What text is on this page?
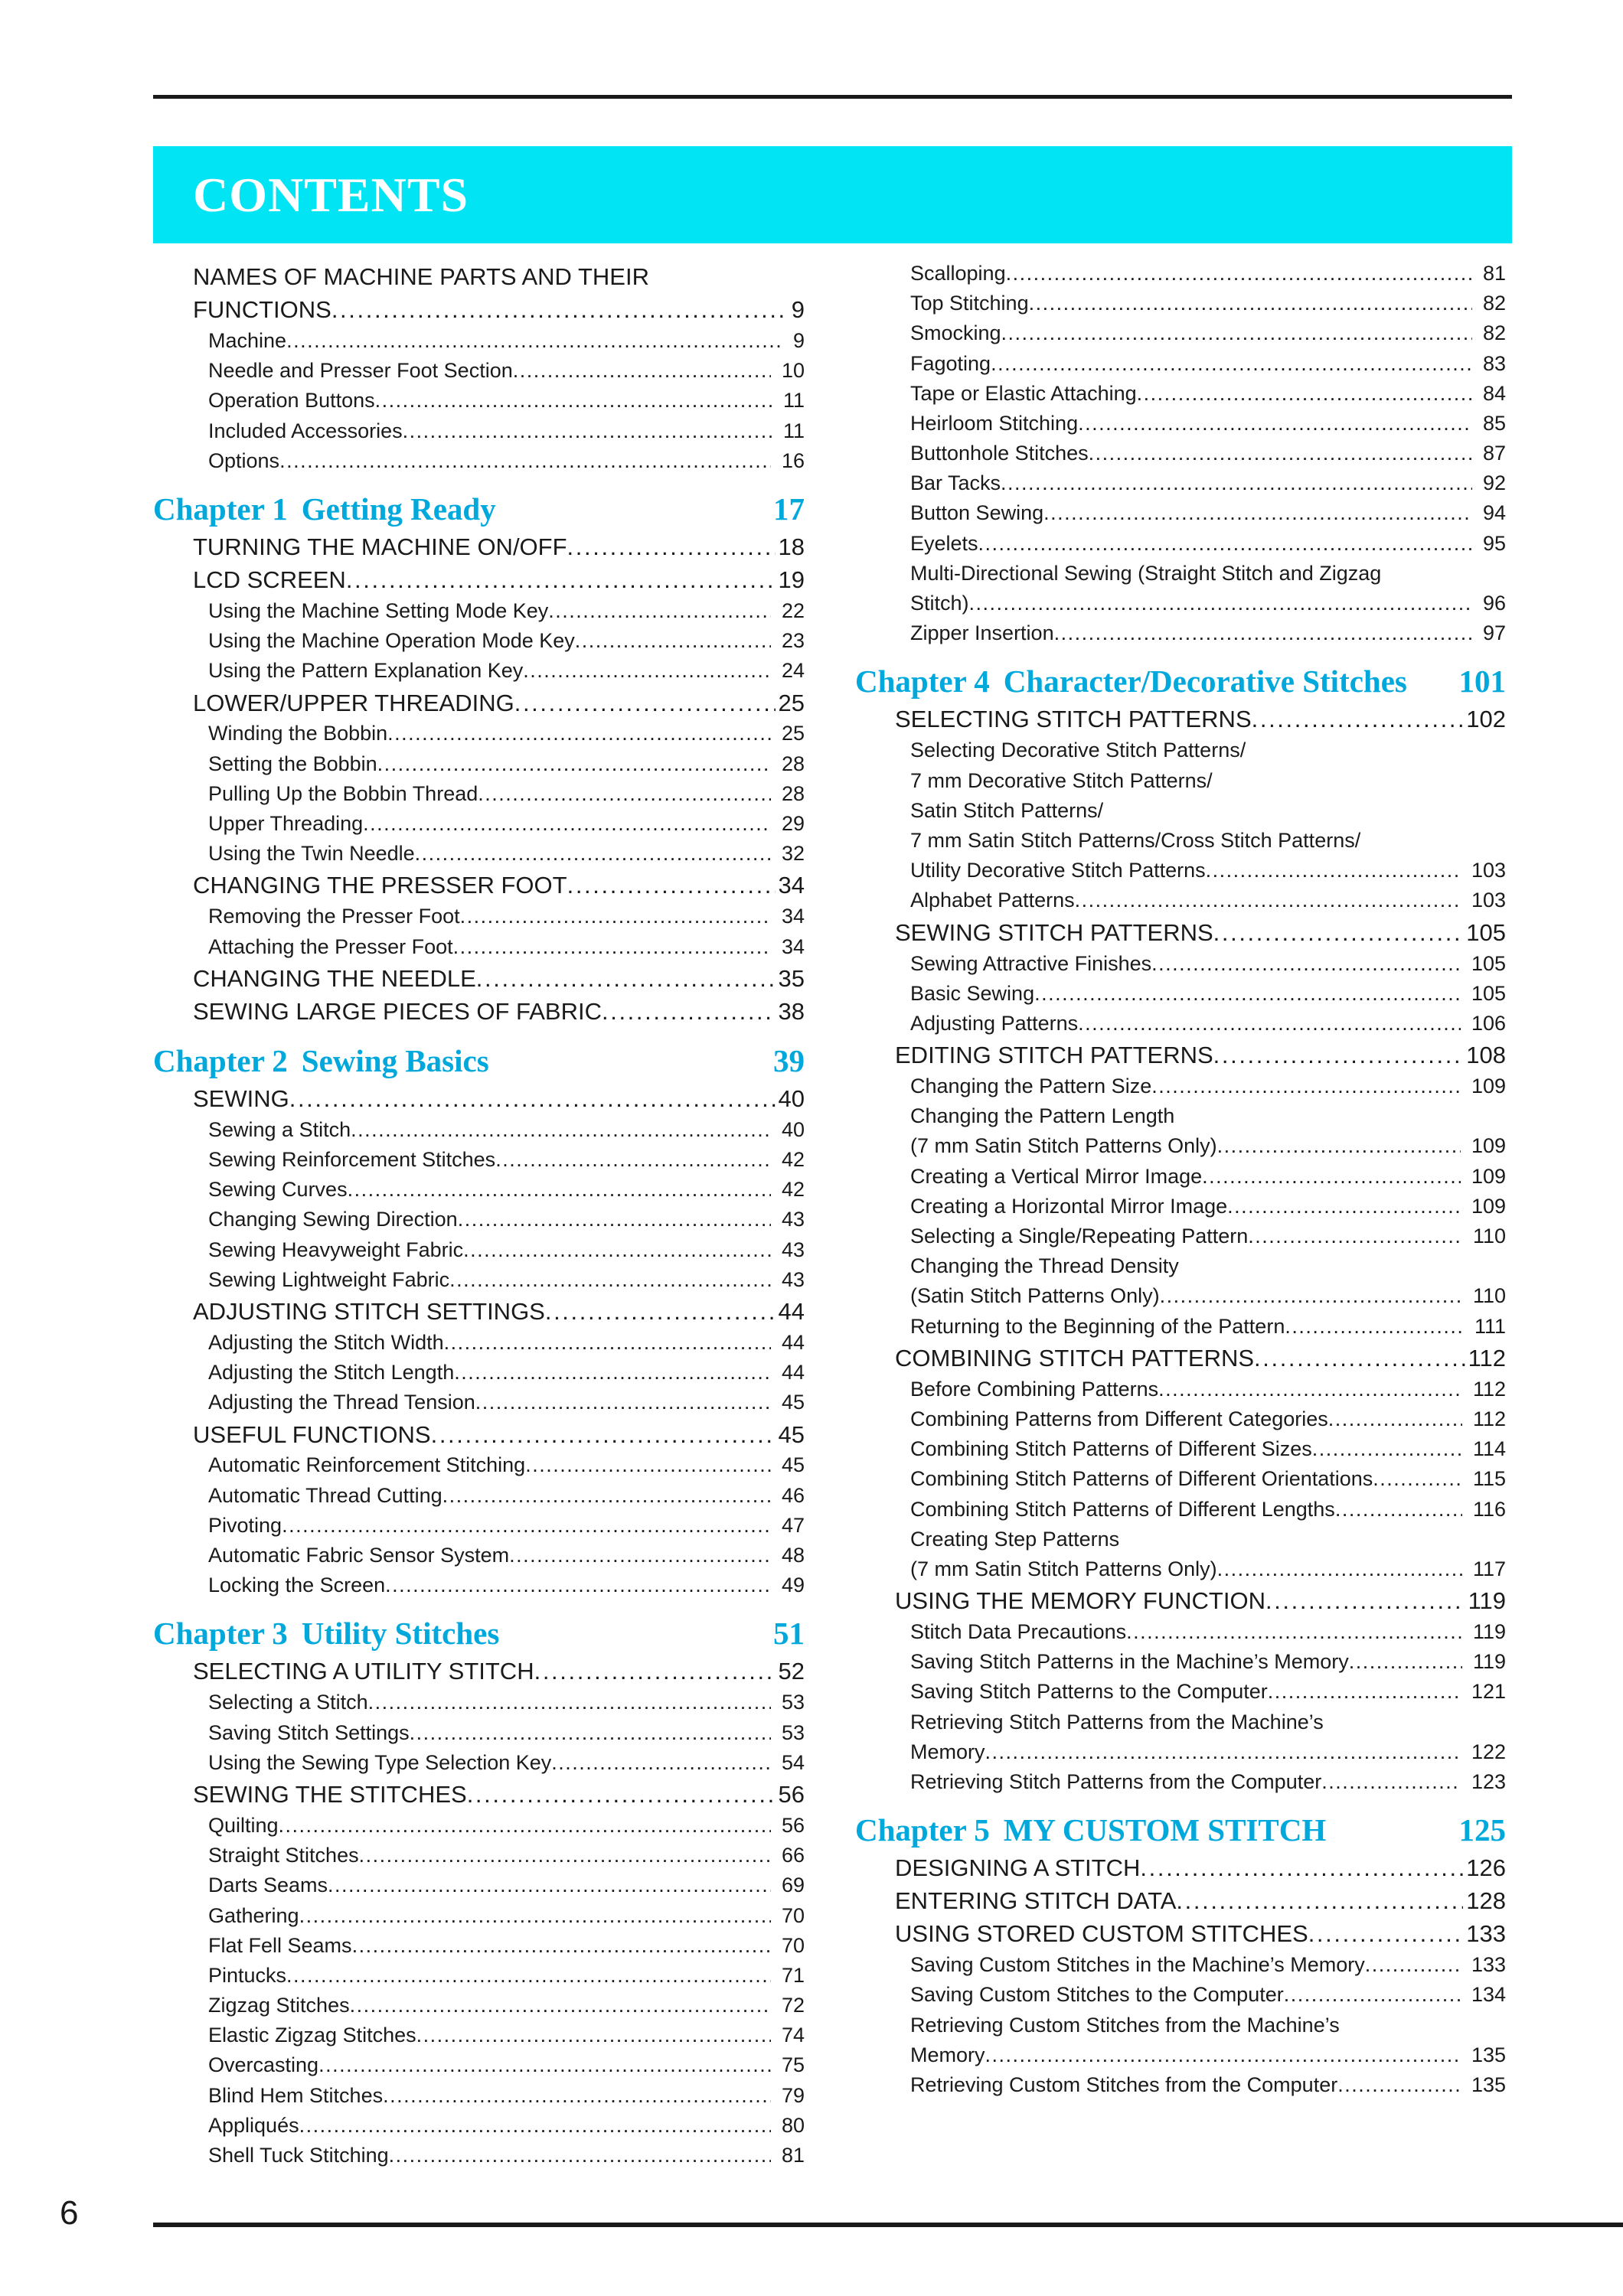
CONTENTS
NAMES OF MACHINE PARTS AND THEIR
FUNCTIONS . . .	9
Machine . . .	9
Needle and Presser Foot Section . . .	10
Operation Buttons . . .	11
Included Accessories . . .	11
Options . . .	16
Chapter 1 Getting Ready	17
TURNING THE MACHINE ON/OFF . . .	18
LCD SCREEN . . .	19
Using the Machine Setting Mode Key . . .	22
Using the Machine Operation Mode Key . . .	23
Using the Pattern Explanation Key . . .	24
LOWER/UPPER THREADING . . .	25
Winding the Bobbin . . .	25
Setting the Bobbin . . .	28
Pulling Up the Bobbin Thread . . .	28
Upper Threading . . .	29
Using the Twin Needle . . .	32
CHANGING THE PRESSER FOOT . . .	34
Removing the Presser Foot . . .	34
Attaching the Presser Foot . . .	34
CHANGING THE NEEDLE . . .	35
SEWING LARGE PIECES OF FABRIC . . .	38
Chapter 2 Sewing Basics	39
SEWING . . .	40
Sewing a Stitch . . .	40
Sewing Reinforcement Stitches . . .	42
Sewing Curves . . .	42
Changing Sewing Direction . . .	43
Sewing Heavyweight Fabric . . .	43
Sewing Lightweight Fabric . . .	43
ADJUSTING STITCH SETTINGS . . .	44
Adjusting the Stitch Width . . .	44
Adjusting the Stitch Length . . .	44
Adjusting the Thread Tension . . .	45
USEFUL FUNCTIONS . . .	45
Automatic Reinforcement Stitching . . .	45
Automatic Thread Cutting . . .	46
Pivoting . . .	47
Automatic Fabric Sensor System . . .	48
Locking the Screen . . .	49
Chapter 3 Utility Stitches	51
SELECTING A UTILITY STITCH . . .	52
Selecting a Stitch . . .	53
Saving Stitch Settings . . .	53
Using the Sewing Type Selection Key . . .	54
SEWING THE STITCHES . . .	56
Quilting . . .	56
Straight Stitches . . .	66
Darts Seams . . .	69
Gathering . . .	70
Flat Fell Seams . . .	70
Pintucks . . .	71
Zigzag Stitches . . .	72
Elastic Zigzag Stitches . . .	74
Overcasting . . .	75
Blind Hem Stitches . . .	79
Appliqués . . .	80
Shell Tuck Stitching . . .	81
Scalloping . . .	81
Top Stitching . . .	82
Smocking . . .	82
Fagoting . . .	83
Tape or Elastic Attaching . . .	84
Heirloom Stitching . . .	85
Buttonhole Stitches . . .	87
Bar Tacks . . .	92
Button Sewing . . .	94
Eyelets . . .	95
Multi-Directional Sewing (Straight Stitch and Zigzag
Stitch) . . .	96
Zipper Insertion . . .	97
Chapter 4 Character/Decorative Stitches 101
SELECTING STITCH PATTERNS . . .	102
Selecting Decorative Stitch Patterns/
7 mm Decorative Stitch Patterns/
Satin Stitch Patterns/
7 mm Satin Stitch Patterns/Cross Stitch Patterns/
Utility Decorative Stitch Patterns . . .	103
Alphabet Patterns . . .	103
SEWING STITCH PATTERNS . . .	105
Sewing Attractive Finishes . . .	105
Basic Sewing . . .	105
Adjusting Patterns . . .	106
EDITING STITCH PATTERNS . . .	108
Changing the Pattern Size . . .	109
Changing the Pattern Length
(7 mm Satin Stitch Patterns Only) . . .	109
Creating a Vertical Mirror Image . . .	109
Creating a Horizontal Mirror Image . . .	109
Selecting a Single/Repeating Pattern . . .	110
Changing the Thread Density
(Satin Stitch Patterns Only) . . .	110
Returning to the Beginning of the Pattern . . .	111
COMBINING STITCH PATTERNS . . .	112
Before Combining Patterns . . .	112
Combining Patterns from Different Categories . . .	112
Combining Stitch Patterns of Different Sizes . . .	114
Combining Stitch Patterns of Different Orientations . . .	115
Combining Stitch Patterns of Different Lengths . . .	116
Creating Step Patterns
(7 mm Satin Stitch Patterns Only) . . .	117
USING THE MEMORY FUNCTION . . .	119
Stitch Data Precautions . . .	119
Saving Stitch Patterns in the Machine’s Memory . . .	119
Saving Stitch Patterns to the Computer . . .	121
Retrieving Stitch Patterns from the Machine’s
Memory . . .	122
Retrieving Stitch Patterns from the Computer . . .	123
Chapter 5 MY CUSTOM STITCH	125
DESIGNING A STITCH . . .	126
ENTERING STITCH DATA . . .	128
USING STORED CUSTOM STITCHES . . .	133
Saving Custom Stitches in the Machine’s Memory . . .	133
Saving Custom Stitches to the Computer . . .	134
Retrieving Custom Stitches from the Machine’s
Memory . . .	135
Retrieving Custom Stitches from the Computer . . .	135
6
